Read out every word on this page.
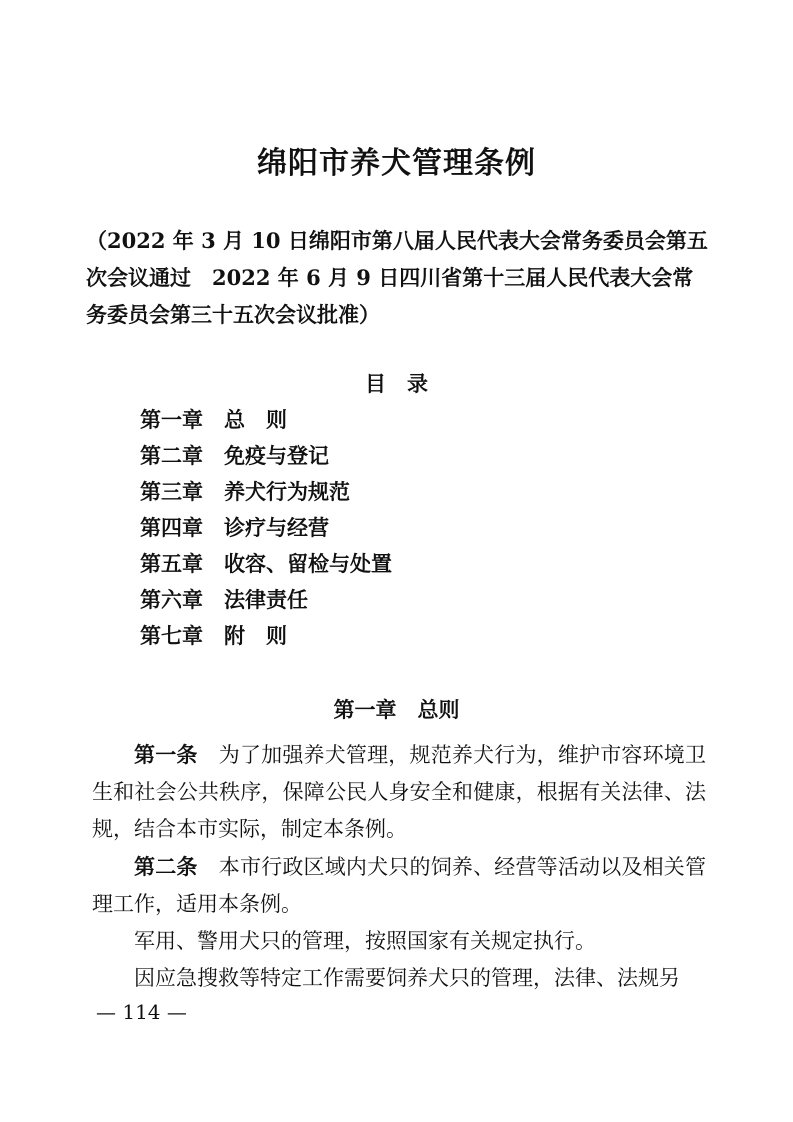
绵阳市养犬管理条例
（2022 年 3 月 10 日绵阳市第八届人民代表大会常务委员会第五次会议通过　2022 年 6 月 9 日四川省第十三届人民代表大会常务委员会第三十五次会议批准）
目　录
第一章 总　则
第二章 免疫与登记
第三章 养犬行为规范
第四章 诊疗与经营
第五章 收容、留检与处置
第六章 法律责任
第七章 附　则
第一章　总则

第一条　为了加强养犬管理，规范养犬行为，维护市容环境卫生和社会公共秩序，保障公民人身安全和健康，根据有关法律、法规，结合本市实际，制定本条例。

第二条　本市行政区域内犬只的饲养、经营等活动以及相关管理工作，适用本条例。

军用、警用犬只的管理，按照国家有关规定执行。

因应急搜救等特定工作需要饲养犬只的管理，法律、法规另

— 114 —
